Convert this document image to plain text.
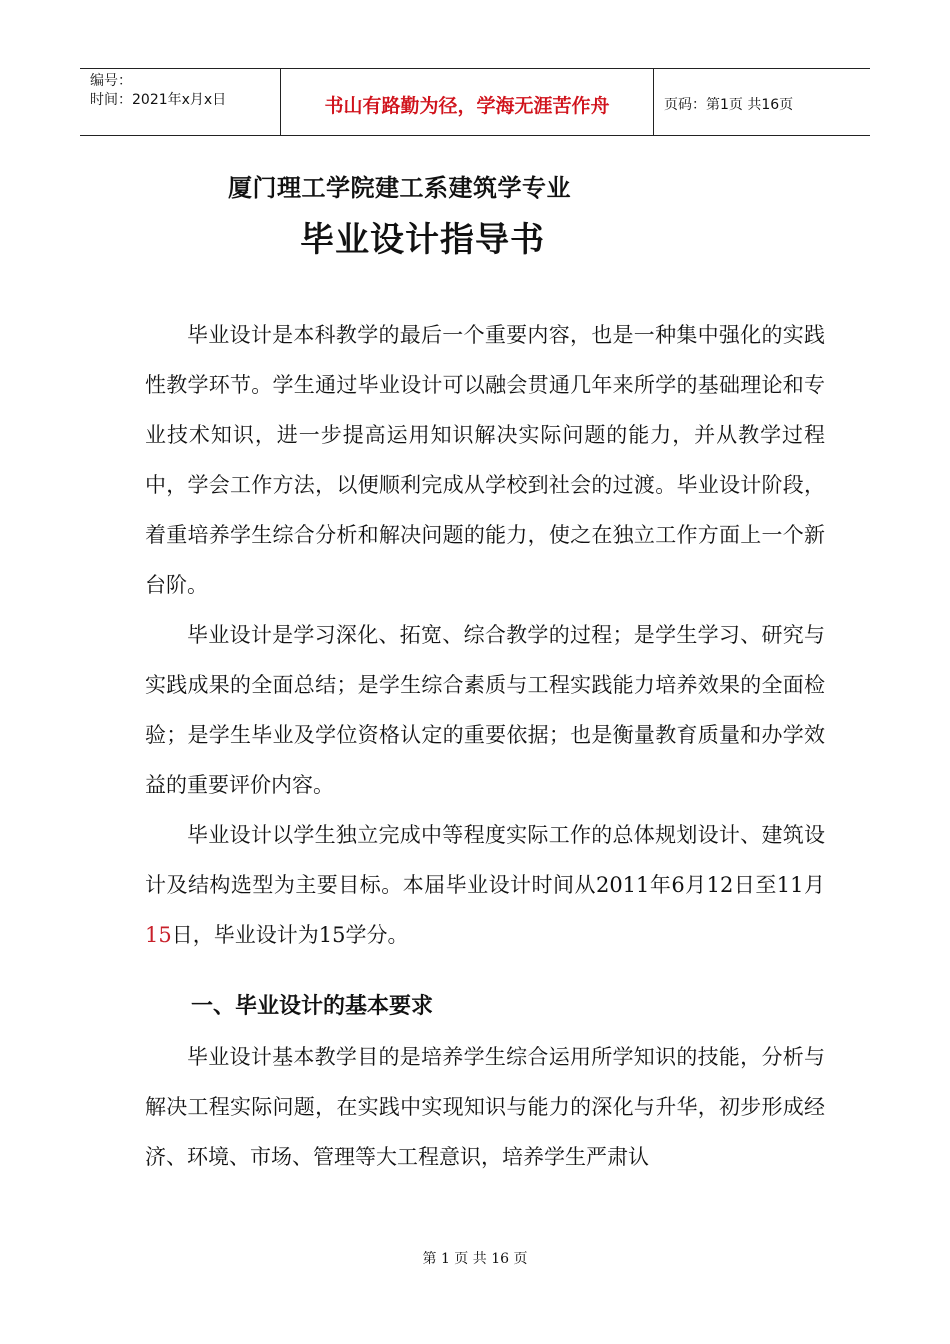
编号：
时间：2021年x月x日	书山有路勤为径，学海无涯苦作舟	页码：第1页 共16页
厦门理工学院建工系建筑学专业
毕业设计指导书

毕业设计是本科教学的最后一个重要内容，也是一种集中强化的实践性教学环节。学生通过毕业设计可以融会贯通几年来所学的基础理论和专业技术知识，进一步提高运用知识解决实际问题的能力，并从教学过程中，学会工作方法，以便顺利完成从学校到社会的过渡。毕业设计阶段，着重培养学生综合分析和解决问题的能力，使之在独立工作方面上一个新台阶。

毕业设计是学习深化、拓宽、综合教学的过程；是学生学习、研究与实践成果的全面总结；是学生综合素质与工程实践能力培养效果的全面检验；是学生毕业及学位资格认定的重要依据；也是衡量教育质量和办学效益的重要评价内容。

毕业设计以学生独立完成中等程度实际工作的总体规划设计、建筑设计及结构选型为主要目标。本届毕业设计时间从2011年6月12日至11月15日，毕业设计为15学分。

一、毕业设计的基本要求

毕业设计基本教学目的是培养学生综合运用所学知识的技能，分析与解决工程实际问题，在实践中实现知识与能力的深化与升华，初步形成经济、环境、市场、管理等大工程意识，培养学生严肃认

第 1 页 共 16 页
